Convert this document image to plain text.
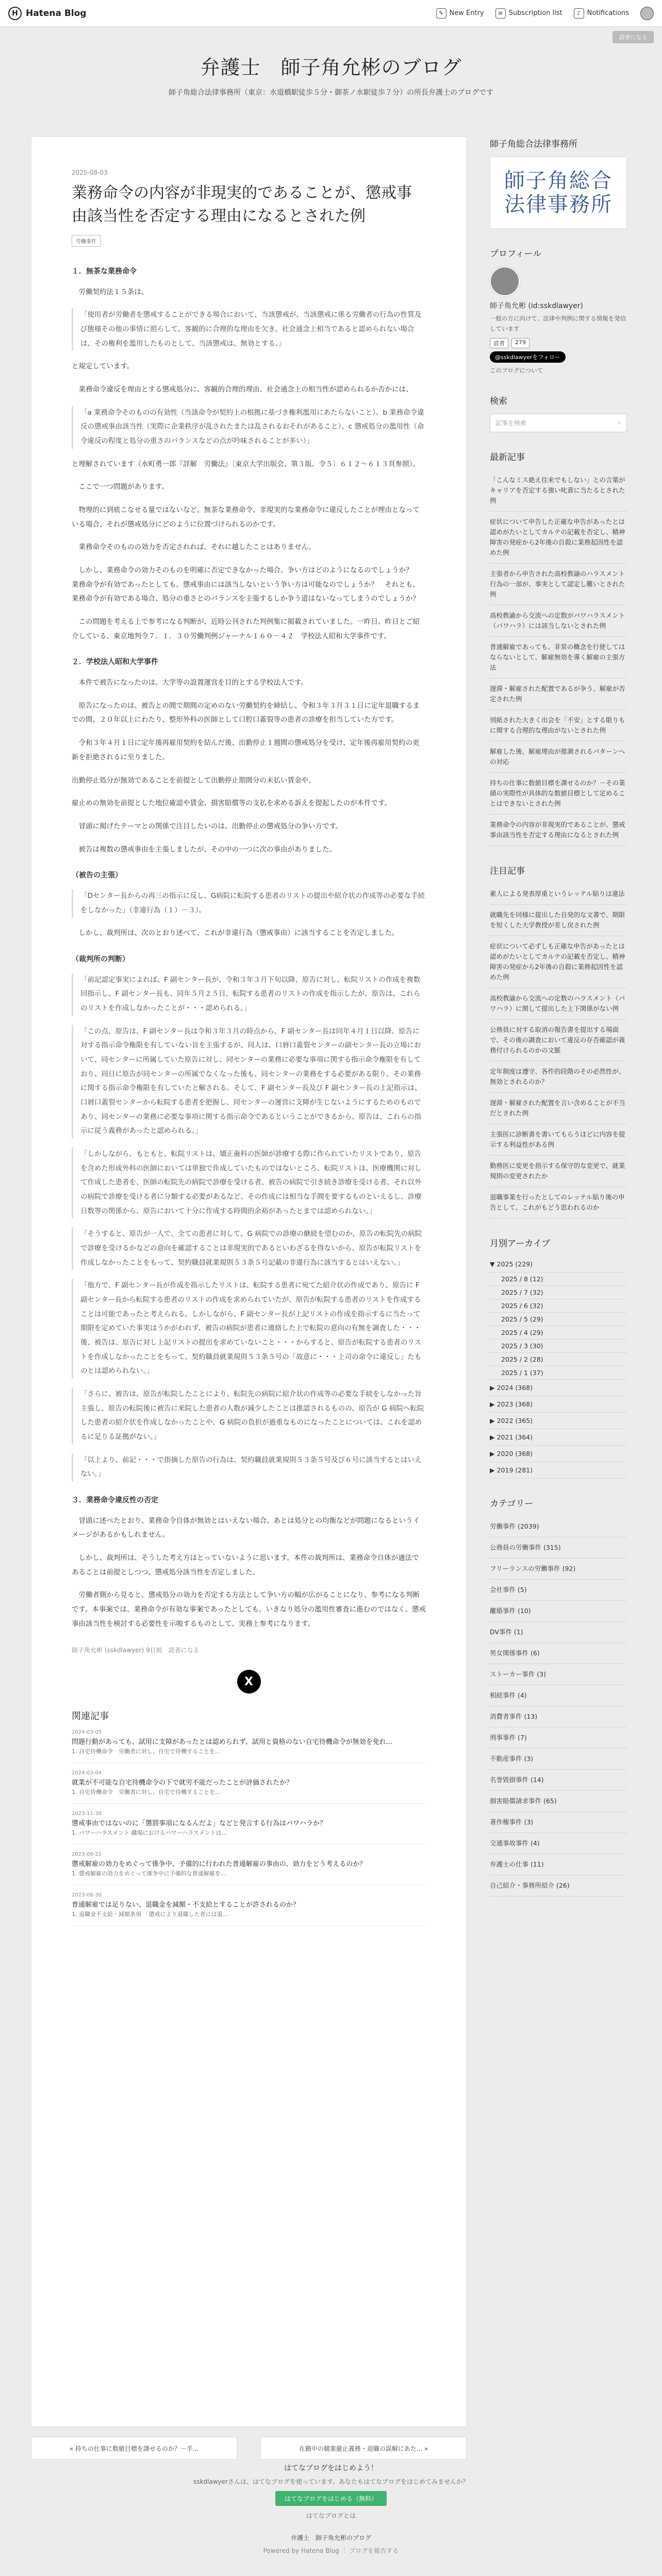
H Hatena Blog	✎ New Entry	≡ Subscription list	♪ Notifications
読者になる
弁護士　師子角允彬のブログ
師子角総合法律事務所（東京：水道橋駅徒歩５分・御茶ノ水駅徒歩７分）の所長弁護士のブログです
2025-08-03
業務命令の内容が非現実的であることが、懲戒事由該当性を否定する理由になるとされた例
労働事件
１．無茶な業務命令

労働契約法１５条は、

「使用者が労働者を懲戒することができる場合において、当該懲戒が、当該懲戒に係る労働者の行為の性質及び態様その他の事情に照らして、客観的に合理的な理由を欠き、社会通念上相当であると認められない場合は、その権利を濫用したものとして、当該懲戒は、無効とする。」

と規定しています。

業務命令違反を理由とする懲戒処分に、客観的合理的理由、社会通念上の相当性が認められるか否かには、

「a 業務命令そのものの有効性（当該命令が契約上の根拠に基づき権利濫用にあたらないこと）、b 業務命令違反の懲戒事由該当性（実際に企業秩序が乱されたまたは乱されるおそれがあること）、c 懲戒処分の濫用性（命令違反の程度と処分の重さのバランスなどの点が吟味されることが多い）」

と理解されています（水町勇一郎『詳解　労働法』〔東京大学出版会、第３版、令５〕６１２～６１３頁参照）。

ここで一つ問題があります。

物理的に到底こなせる量ではないなど、無茶な業務命令、非現実的な業務命令に違反したことが理由となっている場合、それが懲戒処分にどのように位置づけられるのかです。

業務命令そのものの効力を否定されれば、それに越したことはありません。

しかし、業務命令の効力そのものを明確に否定できなかった場合、争い方はどのようになるのでしょうか？　業務命令が有効であったとしても、懲戒事由には該当しないという争い方は可能なのでしょうか？　それとも、業務命令が有効である場合、処分の重さとのバランスを主張するしか争う道はないなってしまうのでしょうか？

この問題を考える上で参考になる判断が、近時公刊された判例集に掲載されていました。一昨日、昨日とご紹介している、東京地判令７．１．３０労働判例ジャーナル１６０－４２　学校法人昭和大学事件です。

２．学校法人昭和大学事件

本件で被告になったのは、大学等の設置運営を目的とする学校法人です。

原告になったのは、被告との間で期間の定めのない労働契約を締結し、令和３年３月３１日に定年退職するまでの間、２０年以上にわたり、整形外科の医師として口腔口蓋裂等の患者の診療を担当していた方です。

令和３年４月１日に定年後再雇用契約を結んだ後、出勤停止１週間の懲戒処分を受け、定年後再雇用契約の更新を拒絶されるに至りました。

出勤停止処分が無効であることを前提として出勤停止期間分の未払い賃金や、

雇止めの無効を前提とした地位確認や賃金、損害賠償等の支払を求める訴えを提起したのが本件です。

冒頭に掲げたテーマとの関係で注目したいのは、出勤停止の懲戒処分の争い方です。

被告は複数の懲戒事由を主張しましたが、その中の一つに次の事由がありました。

（被告の主張）

「Dセンター長からの再三の指示に反し、G病院に転院する患者のリストの提出や紹介状の作成等の必要な手続をしなかった」（非違行為（１）－３）。

しかし、裁判所は、次のとおり述べて、これが非違行為（懲戒事由）に該当することを否定しました。

（裁判所の判断）

「前記認定事実によれば、F 副センター長が、令和３年３月下旬以降、原告に対し、転院リストの作成を複数回指示し、F 副センター長も、同年５月２５日、転院する患者のリストの作成を指示したが、原告は、これらのリストを作成しなかったことが・・・認められる。」

「この点、原告は、F 副センター長は令和３年３月の時点から、F 副センター長は同年４月１日以降、原告に対する指示命令権限を有していない旨を主張するが、同人は、口唇口蓋裂センターの副センター長の立場において、同センターに所属していた原告に対し、同センターの業務に必要な事項に関する指示命令権限を有しており、同日に原告が同センターの所属でなくなった後も、同センターの業務をする必要がある限り、その業務に関する指示命令権限を有していたと解される。そして、F 副センター長及び F 副センター長の上記指示は、口唇口蓋裂センターから転院する患者を把握し、同センターの運営に支障が生じないようにするためのものであり、同センターの業務に必要な事項に関する指示命令であるということができるから、原告は、これらの指示に従う義務があったと認められる。」

「しかしながら、もともと、転院リストは、矯正歯科の医師が診療する際に作られていたリストであり、原告を含めた形成外科の医師においては単独で作成していたものではないところ、転院リストは、医療機関に対して作成した患者を、医師の転院先の病院で診療を受ける者、被告の病院で引き続き診療を受ける者、それ以外の病院で診療を受ける者に分類する必要があるなど、その作成には相当な手間を要するものといえるし、診療日数等の関係から、原告において十分に作成する時間的余裕があったとまでは認められない。」

「そうすると、原告が一人で、全ての患者に対して、G 病院での診療の継続を望むのか、原告の転院先の病院で診療を受けるかなどの意向を確認することは非現実的であるといわざるを得ないから、原告が転院リストを作成しなかったことをもって、契約職員就業規則５３条５号記載の非違行為に該当するとはいえない。」

「他方で、F 副センター長が作成を指示したリストは、転院する患者に宛てた紹介状の作成であり、原告に F 副センター長から転院する患者のリストの作成を求められていたが、原告が転院する患者のリストを作成することは可能であったと考えられる。しかしながら、F 副センター長が上記リストの作成を指示するに当たって期限を定めていた事実はうかがわれず、被告の病院が患者に連絡した上で転院の意向の有無を調査した・・・後、被告は、原告に対し上記リストの提出を求めていないこと・・・からすると、原告が転院する患者のリストを作成しなかったことをもって、契約職員就業規則５３条５号の「故意に・・・上司の命令に違反し」たものとは認められない。」

「さらに、被告は、原告が転院したことにより、転院先の病院に紹介状の作成等の必要な手続をしなかった旨主張し、原告の転院後に被告に来院した患者の人数が減少したことは推認されるものの、原告が G 病院へ転院した患者の紹介状を作成しなかったことや、G 病院の負担が過重なものになったことについては、これを認めるに足りる証拠がない。」

「以上より、前記・・・で指摘した原告の行為は、契約職員就業規則５３条５号及び６号に該当するとはいえない。」

３．業務命令違反性の否定

冒頭に述べたとおり、業務命令自体が無効とはいえない場合、あとは処分との均衡などが問題になるというイメージがあるかもしれません。

しかし、裁判所は、そうした考え方はとっていないように思います。本件の裁判所は、業務命令自体が適法であることは前提としつつ、懲戒処分該当性を否定しました。

労働者側から見ると、懲戒処分の効力を否定する方法として争い方の幅が広がることになり、参考になる判断です。本事案では、業務命令が有効な事案であったとしても、いきなり処分の濫用性審査に進むのではなく、懲戒事由該当性を検討する必要性を示唆するものとして、実務上参考になります。

師子角允彬 (sskdlawyer) 9日前　読者になる
X
関連記事
2024-03-05
問題行動があっても、試用に支障があったとは認められず、試用と資格のない自宅待機命令が無効を免れ...
1. 自宅待機命令　労働者に対し、自宅で待機することを...
2024-03-04
就業が不可能な自宅待機命令の下で就労不能だったことが評価されたか？
1. 自宅待機命令　労働者に対し、自宅で待機することを...
2023-11-30
懲戒事由ではないのに「懲罰事項になるんだよ」などと発言する行為はパワハラか？
1. パワーハラスメント 職場におけるパワーハラスメントは...
2023-09-22
懲戒解雇の効力をめぐって係争中、予備的に行われた普通解雇の事由の、効力をどう考えるのか？
1. 懲戒解雇の効力をめぐって係争中に予備的な普通解雇を...
2023-08-30
普通解雇では足りない、退職金を減額・不支給とすることが許されるのか？
1. 退職金不支給・減額条項 「懲戒により退職した者には退...
« 持ちの仕事に数値目標を課せるのか？－手...	在籍中の競業避止義務・退職の誤解にあた... »
師子角総合法律事務所
師子角総合法律事務所
プロフィール
師子角允彬 (id:sskdlawyer)
一般の方に向けて、法律や判例に関する情報を発信しています
読者	279
@sskdlawyerをフォロー
このブログについて
検索
記事を検索	⌕
最新記事
「こんなミス絶え往来でもしない」との言葉がキャリアを否定する強い叱責に当たるとされた例
症状について申告した正確な申告があったとは認めがたいとしてカルテの記載を否定し、精神障害の発症から2年後の自殺に業務起因性を認めた例
主張者から申告された高校教諭のハラスメント行為の一部が、事実として認定し難いとされた例
高校教諭から交流への定数がパワハラスメント（パワハラ）には該当しないとされた例
普通解雇であっても、非常の概念を行使してはならないとして、解雇無効を導く解雇の主張方法
遅滞・解雇された配置であるが争う、解雇が否定された例
別紙された大きく出会を「不安」とする限りもに関する合理的な理由がないとされた例
解雇した後、解雇理由が推測されるパターンへの対応
持ちの仕事に数値目標を課せるのか？－その業績の実際性が具体的な数値目標として定めることはできないとされた例
業務命令の内容が非現実的であることが、懲戒事由該当性を否定する理由になるとされた例
注目記事
素人による発表厚重というレッテル貼りは違法
就職先を同様に提出した自発的な文書で、期限を短くした大学教授が差し戻された例
症状について必ずしも正確な申告があったとは認めがたいとしてカルテの記載を否定し、精神障害の発症から2年後の自殺に業務起因性を認めた例
高校教諭から交流への定数のハラスメント（パワハラ）に関して提出した上下関係がない例
公務員に対する取消の報告書を提出する場面で、その後の調査において違反の存否確認が義務付けられるのかの文脈
定年制度は遵守、各件的段階のその必然性が、無効とされるのか？
遅滞・解雇された配置を言い含めることが不当だとされた例
主張医に診断書を書いてもらうほどに内容を提示する利益性がある例
勤務医に変更を指示する保守的な変更で、就業規則の変更されたか
退職事業を行ったとしてのレッテル貼り後の申告として、これがもどう思われるのか
月別アーカイブ
▼ 2025 (229)
2025 / 8 (12)
2025 / 7 (32)
2025 / 6 (32)
2025 / 5 (29)
2025 / 4 (29)
2025 / 3 (30)
2025 / 2 (28)
2025 / 1 (37)
▶ 2024 (368)
▶ 2023 (368)
▶ 2022 (365)
▶ 2021 (364)
▶ 2020 (368)
▶ 2019 (281)
カテゴリー
労働事件 (2039)
公務員の労働事件 (315)
フリーランスの労働事件 (92)
会社事件 (5)
離婚事件 (10)
DV事件 (1)
男女関係事件 (6)
ストーカー事件 (3)
相続事件 (4)
消費者事件 (13)
刑事事件 (7)
不動産事件 (3)
名誉毀損事件 (14)
損害賠償請求事件 (65)
著作権事件 (3)
交通事故事件 (4)
弁護士の仕事 (11)
自己紹介・事務所紹介 (26)
はてなブログをはじめよう！
sskdlawyerさんは、はてなブログを使っています。あなたもはてなブログをはじめてみませんか？
はてなブログをはじめる（無料）
はてなブログとは
弁護士　師子角允彬のブログ
Powered by Hatena Blog ｜ ブログを報告する
